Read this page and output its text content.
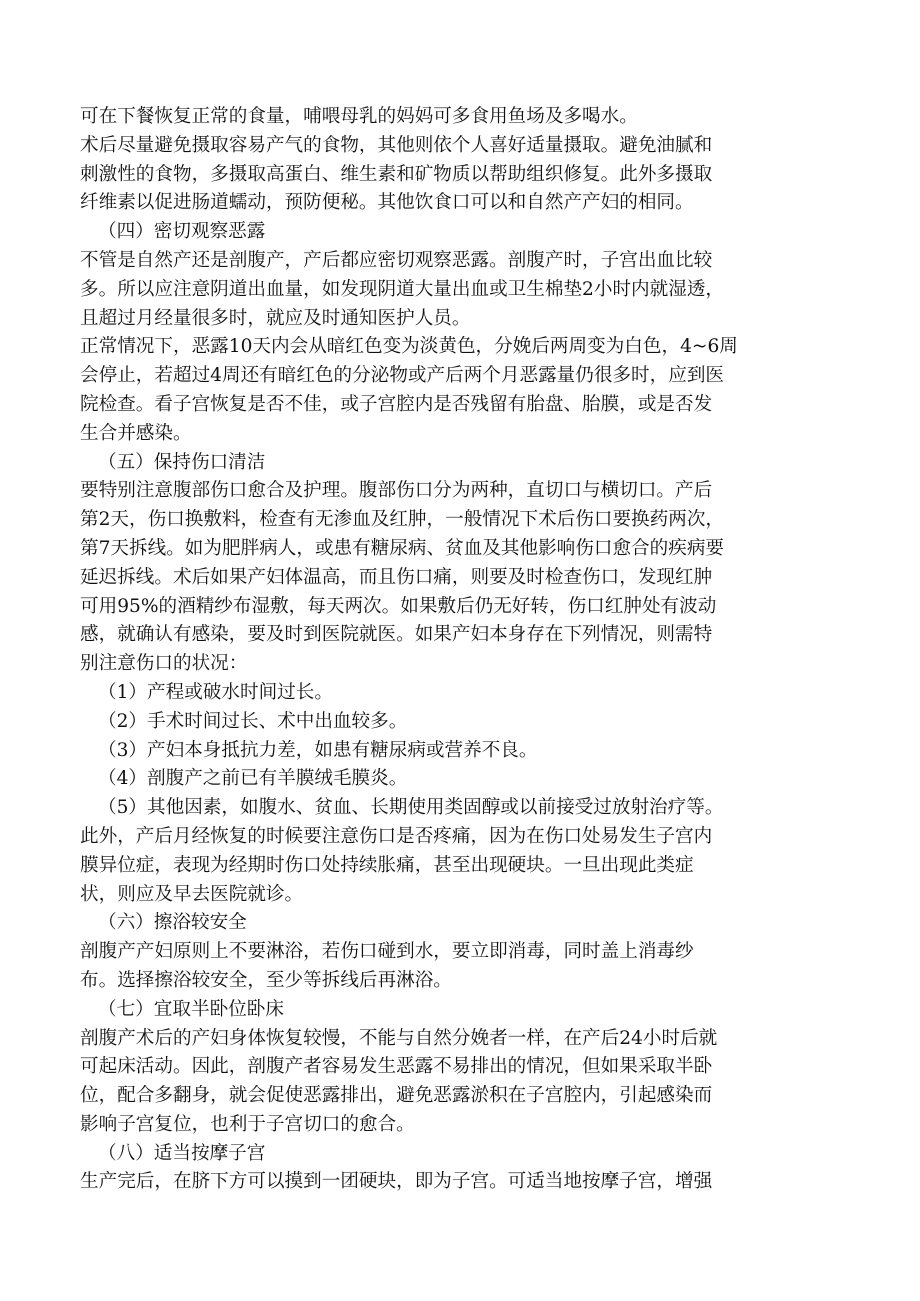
可在下餐恢复正常的食量，哺喂母乳的妈妈可多食用鱼场及多喝水。
术后尽量避免摄取容易产气的食物，其他则依个人喜好适量摄取。避免油腻和
刺激性的食物，多摄取高蛋白、维生素和矿物质以帮助组织修复。此外多摄取
纤维素以促进肠道蠕动，预防便秘。其他饮食口可以和自然产产妇的相同。
（四）密切观察恶露
不管是自然产还是剖腹产，产后都应密切观察恶露。剖腹产时，子宫出血比较
多。所以应注意阴道出血量，如发现阴道大量出血或卫生棉垫2小时内就湿透，
且超过月经量很多时，就应及时通知医护人员。
正常情况下，恶露10天内会从暗红色变为淡黄色，分娩后两周变为白色，4~6周
会停止，若超过4周还有暗红色的分泌物或产后两个月恶露量仍很多时，应到医
院检查。看子宫恢复是否不佳，或子宫腔内是否残留有胎盘、胎膜，或是否发
生合并感染。
（五）保持伤口清洁
要特别注意腹部伤口愈合及护理。腹部伤口分为两种，直切口与横切口。产后
第2天，伤口换敷料，检查有无渗血及红肿，一般情况下术后伤口要换药两次，
第7天拆线。如为肥胖病人，或患有糖尿病、贫血及其他影响伤口愈合的疾病要
延迟拆线。术后如果产妇体温高，而且伤口痛，则要及时检查伤口，发现红肿
可用95%的酒精纱布湿敷，每天两次。如果敷后仍无好转，伤口红肿处有波动
感，就确认有感染，要及时到医院就医。如果产妇本身存在下列情况，则需特
别注意伤口的状况：
（1）产程或破水时间过长。
（2）手术时间过长、术中出血较多。
（3）产妇本身抵抗力差，如患有糖尿病或营养不良。
（4）剖腹产之前已有羊膜绒毛膜炎。
（5）其他因素，如腹水、贫血、长期使用类固醇或以前接受过放射治疗等。
此外，产后月经恢复的时候要注意伤口是否疼痛，因为在伤口处易发生子宫内
膜异位症，表现为经期时伤口处持续胀痛，甚至出现硬块。一旦出现此类症
状，则应及早去医院就诊。
（六）擦浴较安全
剖腹产产妇原则上不要淋浴，若伤口碰到水，要立即消毒，同时盖上消毒纱
布。选择擦浴较安全，至少等拆线后再淋浴。
（七）宜取半卧位卧床
剖腹产术后的产妇身体恢复较慢，不能与自然分娩者一样，在产后24小时后就
可起床活动。因此，剖腹产者容易发生恶露不易排出的情况，但如果采取半卧
位，配合多翻身，就会促使恶露排出，避免恶露淤积在子宫腔内，引起感染而
影响子宫复位，也利于子宫切口的愈合。
（八）适当按摩子宫
生产完后，在脐下方可以摸到一团硬块，即为子宫。可适当地按摩子宫，增强
